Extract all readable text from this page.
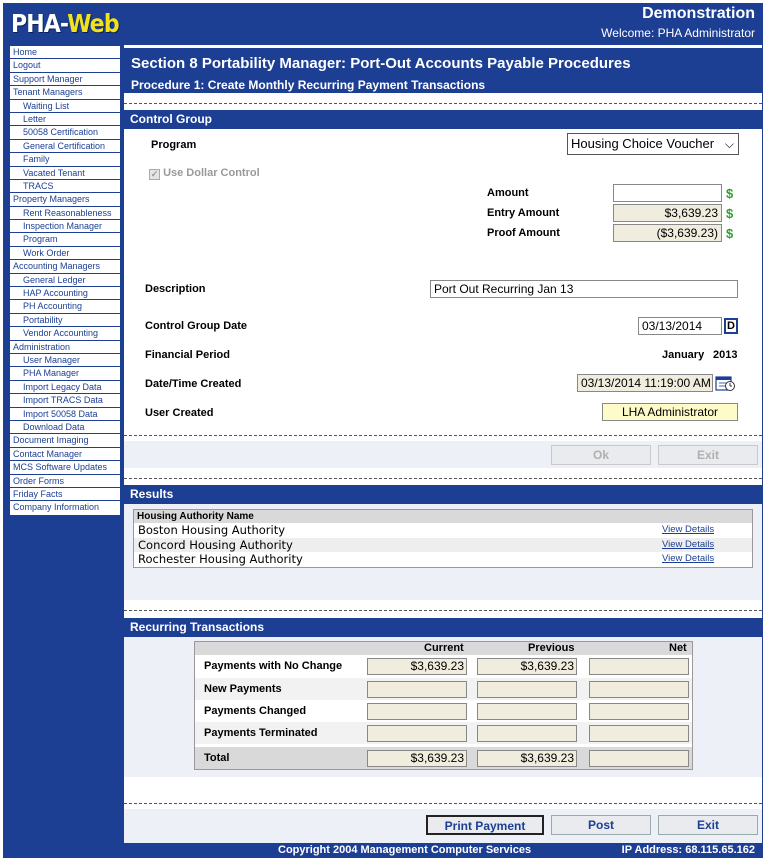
PHA-Web	Demonstration
Welcome: PHA Administrator
Home
Logout
Support Manager
Tenant Managers
Waiting List
Letter
50058 Certification
General Certification
Family
Vacated Tenant
TRACS
Property Managers
Rent Reasonableness
Inspection Manager
Program
Work Order
Accounting Managers
General Ledger
HAP Accounting
PH Accounting
Portability
Vendor Accounting
Administration
User Manager
PHA Manager
Import Legacy Data
Import TRACS Data
Import 50058 Data
Download Data
Document Imaging
Contact Manager
MCS Software Updates
Order Forms
Friday Facts
Company Information
Section 8 Portability Manager: Port-Out Accounts Payable Procedures
Procedure 1: Create Monthly Recurring Payment Transactions
Control Group
Program	Housing Choice Voucher ⌵
✓ Use Dollar Control
Amount	$
Entry Amount	$3,639.23 $
Proof Amount	($3,639.23) $
Description	Port Out Recurring Jan 13
Control Group Date	03/13/2014	D
Financial Period	January 2013
Date/Time Created	03/13/2014 11:19:00 AM
User Created	LHA Administrator
Ok	Exit
Results
Housing Authority Name
Boston Housing Authority	View Details
Concord Housing Authority	View Details
Rochester Housing Authority	View Details
Recurring Transactions
Current	Previous	Net
Payments with No Change	$3,639.23	$3,639.23
New Payments
Payments Changed
Payments Terminated
Total	$3,639.23	$3,639.23
Print Payment	Post	Exit
Copyright 2004 Management Computer Services	IP Address: 68.115.65.162
